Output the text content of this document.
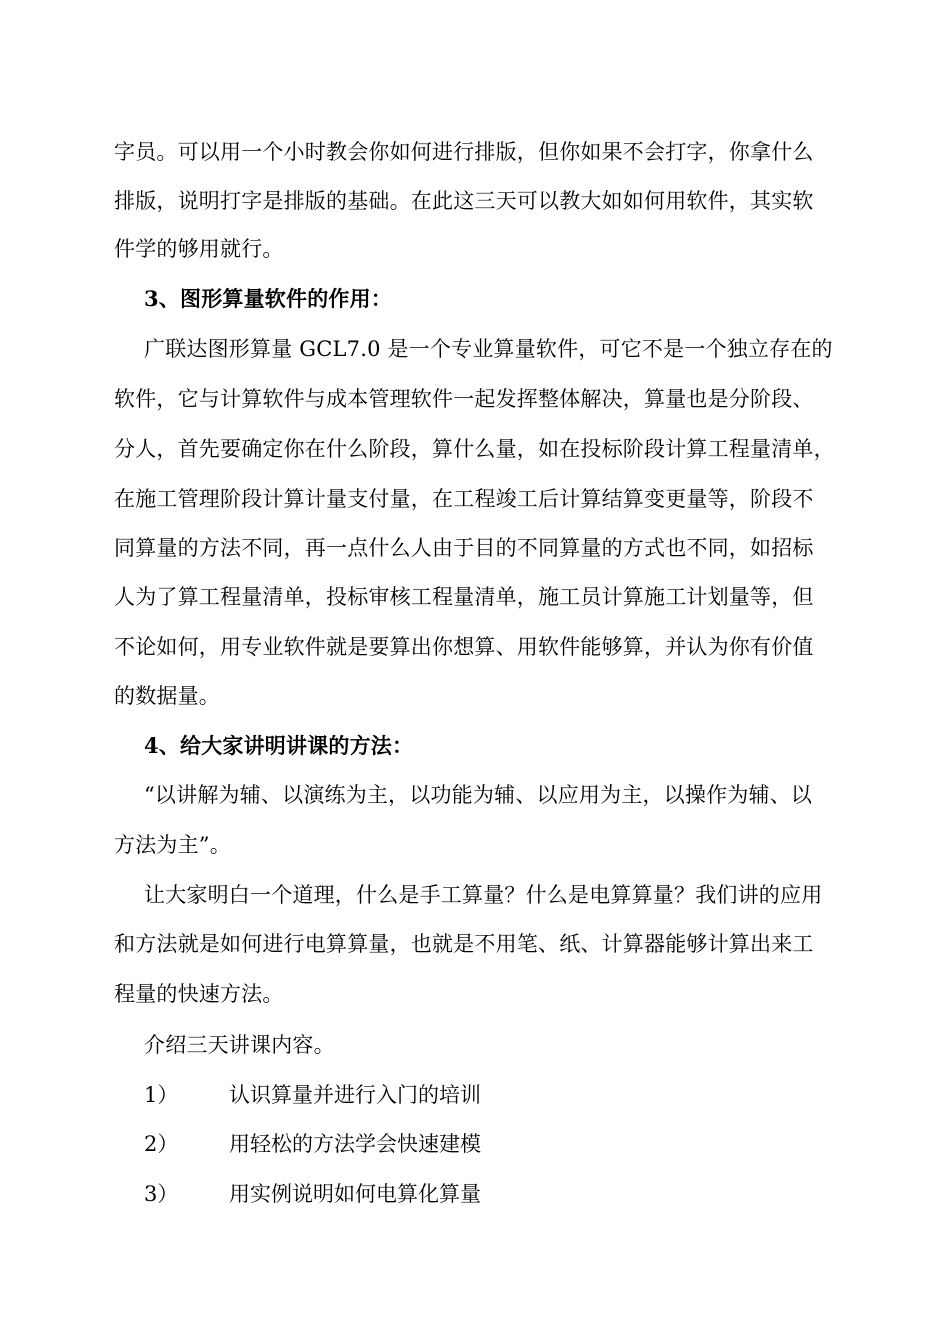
字员。可以用一个小时教会你如何进行排版，但你如果不会打字，你拿什么
排版，说明打字是排版的基础。在此这三天可以教大如如何用软件，其实软
件学的够用就行。
3、图形算量软件的作用：
广联达图形算量 GCL7.0 是一个专业算量软件，可它不是一个独立存在的
软件，它与计算软件与成本管理软件一起发挥整体解决，算量也是分阶段、
分人，首先要确定你在什么阶段，算什么量，如在投标阶段计算工程量清单，
在施工管理阶段计算计量支付量，在工程竣工后计算结算变更量等，阶段不
同算量的方法不同，再一点什么人由于目的不同算量的方式也不同，如招标
人为了算工程量清单，投标审核工程量清单，施工员计算施工计划量等，但
不论如何，用专业软件就是要算出你想算、用软件能够算，并认为你有价值
的数据量。
4、给大家讲明讲课的方法：
“以讲解为辅、以演练为主，以功能为辅、以应用为主，以操作为辅、以
方法为主”。
让大家明白一个道理，什么是手工算量？什么是电算算量？我们讲的应用
和方法就是如何进行电算算量，也就是不用笔、纸、计算器能够计算出来工
程量的快速方法。
介绍三天讲课内容。
1） 认识算量并进行入门的培训
2） 用轻松的方法学会快速建模
3） 用实例说明如何电算化算量
